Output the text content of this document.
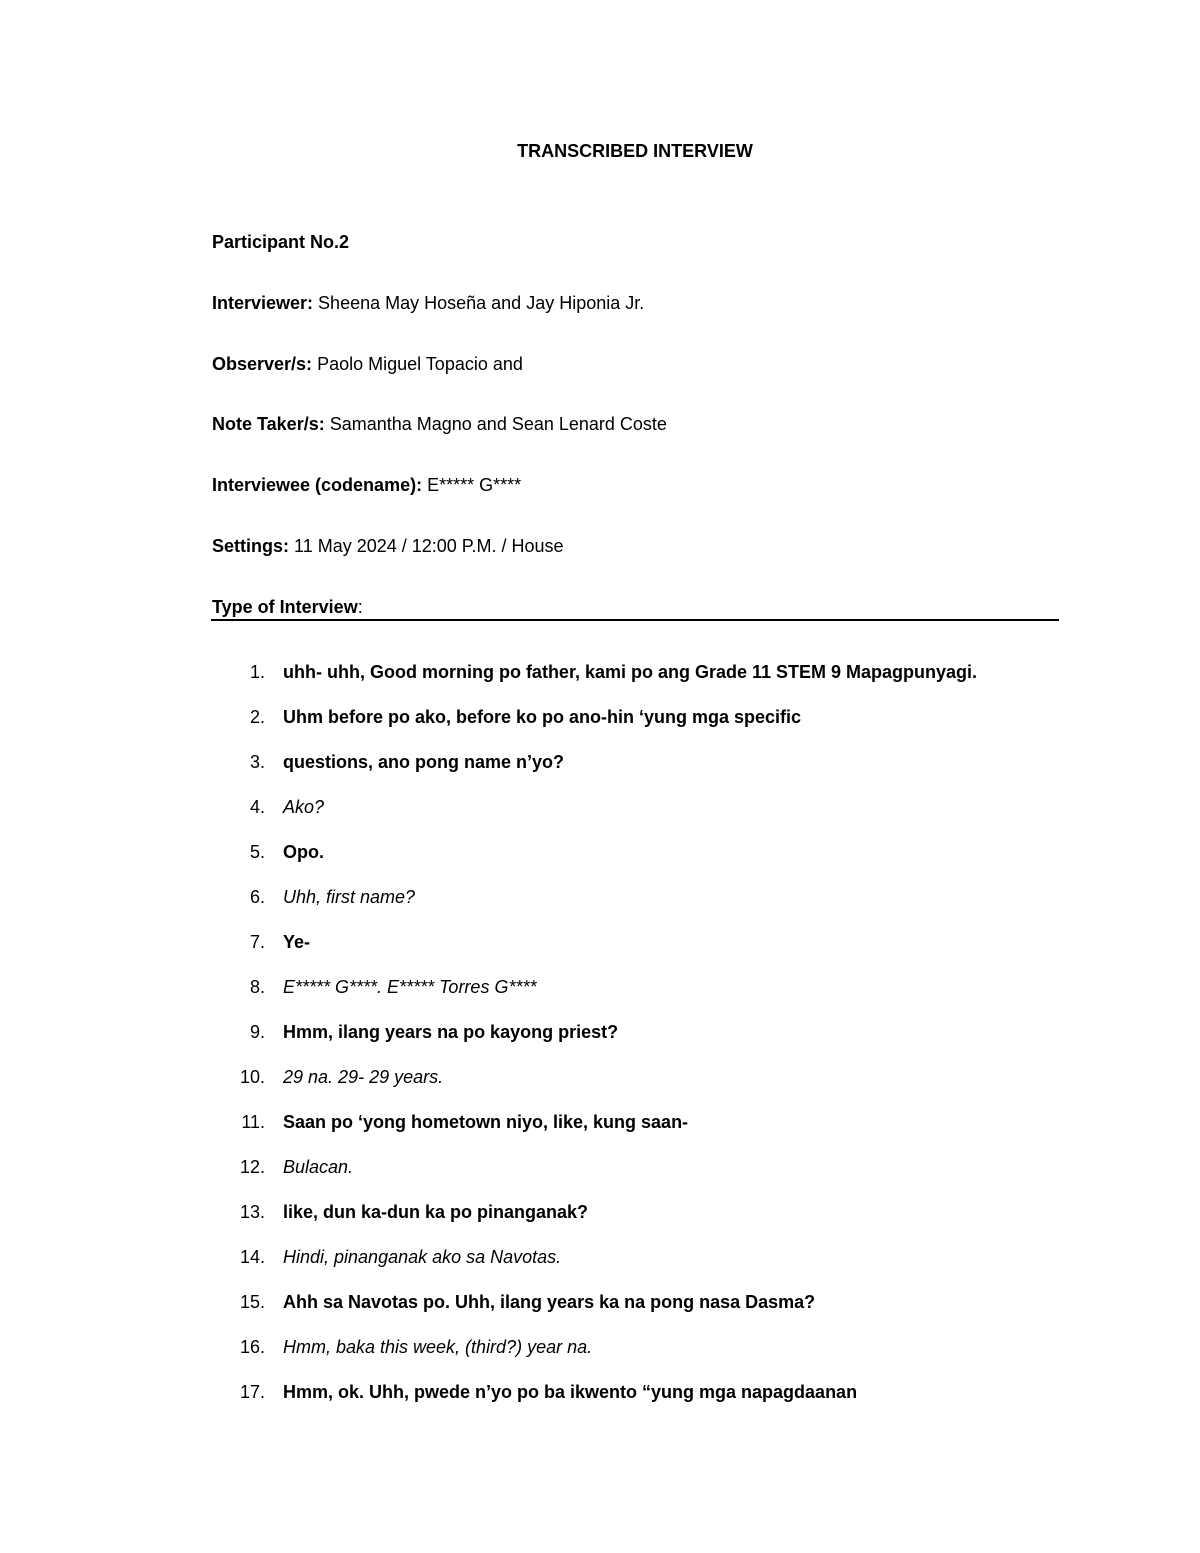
TRANSCRIBED INTERVIEW
Participant No.2
Interviewer: Sheena May Hoseña and Jay Hiponia Jr.
Observer/s: Paolo Miguel Topacio and
Note Taker/s: Samantha Magno and Sean Lenard Coste
Interviewee (codename): E***** G****
Settings: 11 May 2024 / 12:00 P.M. / House
Type of Interview:
1. uhh- uhh, Good morning po father, kami po ang Grade 11 STEM 9 Mapagpunyagi.
2. Uhm before po ako, before ko po ano-hin ‘yung mga specific
3. questions, ano pong name n’yo?
4. Ako?
5. Opo.
6. Uhh, first name?
7. Ye-
8. E***** G****. E***** Torres G****
9. Hmm, ilang years na po kayong priest?
10. 29 na. 29- 29 years.
11. Saan po ‘yong hometown niyo, like, kung saan-
12. Bulacan.
13. like, dun ka-dun ka po pinanganak?
14. Hindi, pinanganak ako sa Navotas.
15. Ahh sa Navotas po. Uhh, ilang years ka na pong nasa Dasma?
16. Hmm, baka this week, (third?) year na.
17. Hmm, ok. Uhh, pwede n’yo po ba ikwento “yung mga napagdaanan
